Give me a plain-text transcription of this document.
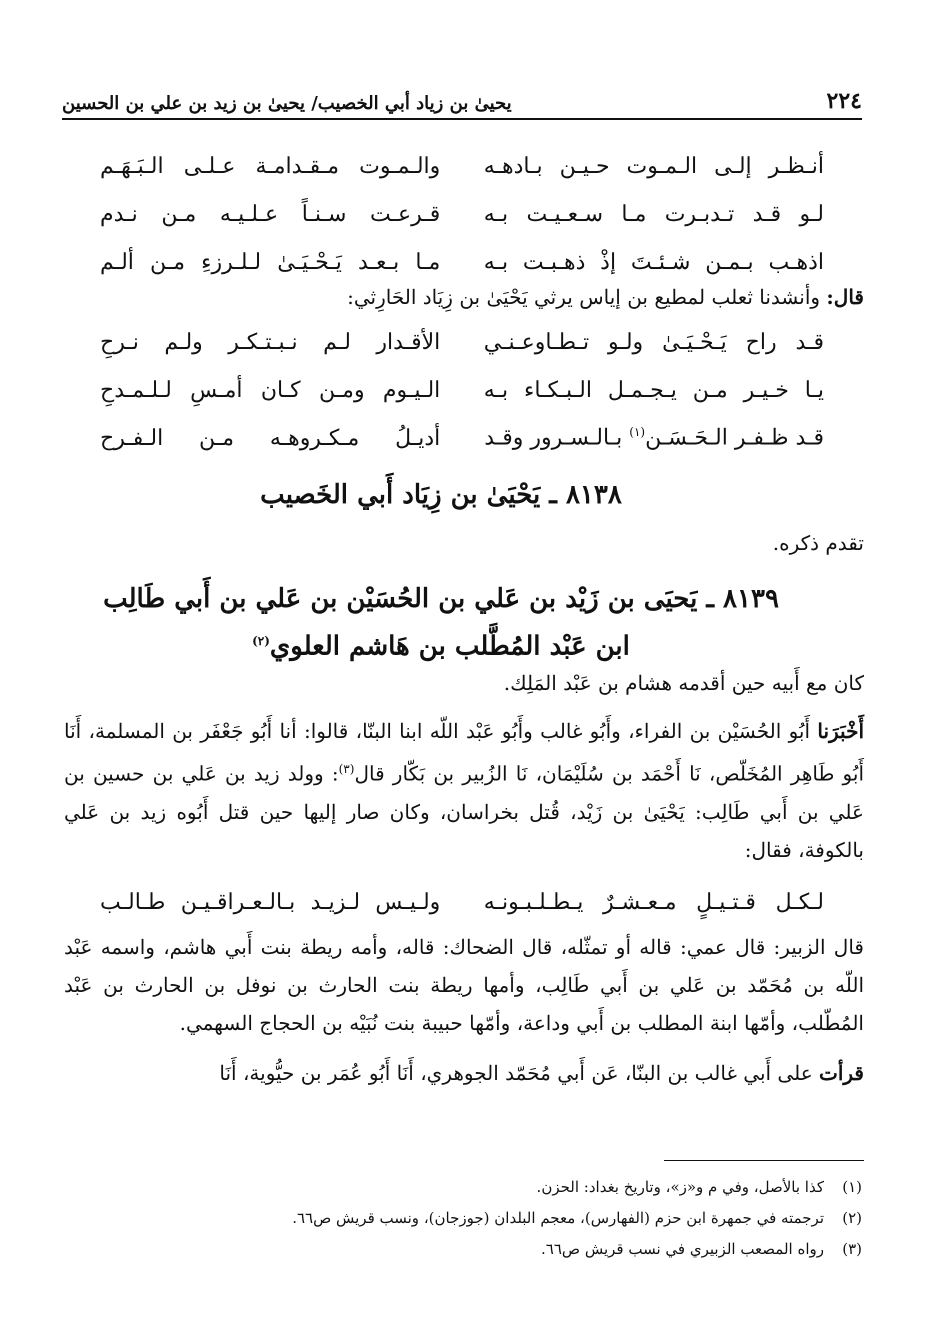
٢٢٤
يحيىٰ بن زياد أبي الخصيب/ يحيىٰ بن زيد بن علي بن الحسين
أنـظـر إلـى الـمـوت حـيـن بـادهـه
والـمـوت مـقـدامـة عـلـى الـبَـهَـم
لـو قـد تـدبـرت مـا سـعـيـت بـه
قـرعـت سـنـاً عـلـيـه مـن نـدم
اذهـب بـمـن شـئـتَ إذْ ذهـبـت بـه
مـا بـعـد يَـحْـيَـىٰ لـلـرزءِ مـن ألـم

قال: وأنشدنا ثعلب لمطيع بن إياس يرثي يَحْيَىٰ بن زِيَاد الحَارِثي:

قـد راح يَـحْـيَـىٰ ولـو تـطـاوعـنـي
الأقـدار لـم نـبـتـكـر ولـم نـرحِ
يـا خـيـر مـن يـجـمـل الـبـكـاء بـه
الـيـوم ومـن كـان أمـسِ لـلـمـدحِ
قـد ظـفـر الـحَـسَـن$^{(١)}$ بـالـسـرور وقـد
أديـلُ مـكـروهـه مـن الـفـرح
٨١٣٨ ـ يَحْيَىٰ بن زِيَاد أَبي الخَصيب

تقدم ذكره.

٨١٣٩ ـ يَحيَى بن زَيْد بن عَلي بن الحُسَيْن بن عَلي بن أَبي طَالِب
ابن عَبْد المُطَّلب بن هَاشم العلوي$^{(٢)}$

كان مع أَبيه حين أقدمه هشام بن عَبْد المَلِك.

أَخْبَرَنا أَبُو الحُسَيْن بن الفراء، وأَبُو غالب وأَبُو عَبْد اللّه ابنا البنّا، قالوا: أنا أَبُو جَعْفَر بن المسلمة، أَنَا أَبُو طَاهِر المُخَلّص، نَا أَحْمَد بن سُلَيْمَان، نَا الزُبير بن بَكّار قال$^{(٣)}$: وولد زيد بن عَلي بن حسين بن عَلي بن أَبي طَالِب: يَحْيَىٰ بن زَيْد، قُتل بخراسان، وكان صار إليها حين قتل أَبُوه زيد بن عَلي بالكوفة، فقال:

لـكـل قـتـيـلٍ مـعـشـرٌ يـطـلـبـونـه
ولـيـس لـزيـد بـالـعـراقـيـن طـالـب

قال الزبير: قال عمي: قاله أو تمثّله، قال الضحاك: قاله، وأمه ريطة بنت أَبي هاشم، واسمه عَبْد اللّه بن مُحَمّد بن عَلي بن أَبي طَالِب، وأمها ريطة بنت الحارث بن نوفل بن الحارث بن عَبْد المُطّلب، وأمّها ابنة المطلب بن أَبي وداعة، وأمّها حبيبة بنت نُبَيْه بن الحجاج السهمي.

قرأت على أَبي غالب بن البنّا، عَن أَبي مُحَمّد الجوهري، أَنَا أَبُو عُمَر بن حيُّوية، أَنَا

(١)
كذا بالأصل، وفي م و«ز»، وتاريخ بغداد: الحزن.
(٢)
ترجمته في جمهرة ابن حزم (الفهارس)، معجم البلدان (جوزجان)، ونسب قريش ص٦٦.
(٣)
رواه المصعب الزبيري في نسب قريش ص٦٦.
